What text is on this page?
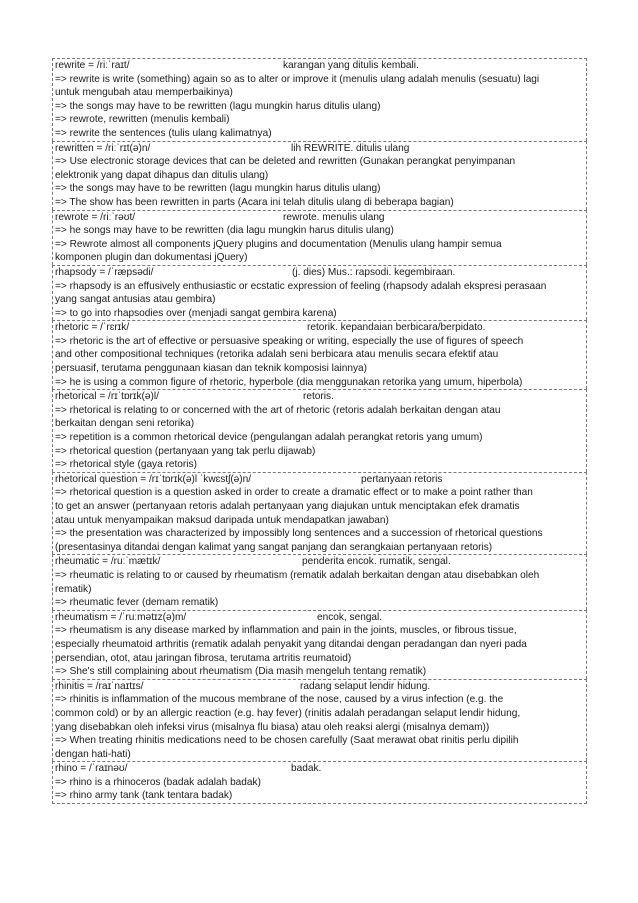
rewrite = /riːˈraɪt/	karangan yang ditulis kembali.
=> rewrite is write (something) again so as to alter or improve it (menulis ulang adalah menulis (sesuatu) lagi
untuk mengubah atau memperbaikinya)
=> the songs may have to be rewritten (lagu mungkin harus ditulis ulang)
=> rewrote, rewritten (menulis kembali)
=> rewrite the sentences (tulis ulang kalimatnya)
rewritten = /riːˈrɪt(ə)n/	lih REWRITE. ditulis ulang
=> Use electronic storage devices that can be deleted and rewritten (Gunakan perangkat penyimpanan
elektronik yang dapat dihapus dan ditulis ulang)
=> the songs may have to be rewritten (lagu mungkin harus ditulis ulang)
=> The show has been rewritten in parts (Acara ini telah ditulis ulang di beberapa bagian)
rewrote = /riːˈrəʊt/	rewrote. menulis ulang
=> he songs may have to be rewritten (dia lagu mungkin harus ditulis ulang)
=> Rewrote almost all components jQuery plugins and documentation (Menulis ulang hampir semua
komponen plugin dan dokumentasi jQuery)
rhapsody = /ˈræpsədi/	(j. dies) Mus.: rapsodi. kegembiraan.
=> rhapsody is an effusively enthusiastic or ecstatic expression of feeling (rhapsody adalah ekspresi perasaan
yang sangat antusias atau gembira)
=> to go into rhapsodies over (menjadi sangat gembira karena)
rhetoric = /ˈrɛrɪk/	retorik. kepandaian berbicara/berpidato.
=> rhetoric is the art of effective or persuasive speaking or writing, especially the use of figures of speech
and other compositional techniques (retorika adalah seni berbicara atau menulis secara efektif atau
persuasif, terutama penggunaan kiasan dan teknik komposisi lainnya)
=> he is using a common figure of rhetoric, hyperbole (dia menggunakan retorika yang umum, hiperbola)
rhetorical = /rɪˈtɒrɪk(ə)l/	retoris.
=> rhetorical is relating to or concerned with the art of rhetoric (retoris adalah berkaitan dengan atau
berkaitan dengan seni retorika)
=> repetition is a common rhetorical device (pengulangan adalah perangkat retoris yang umum)
=> rhetorical question (pertanyaan yang tak perlu dijawab)
=> rhetorical style (gaya retoris)
rhetorical question = /rɪˈtɒrɪk(ə)l ˈkwɛstʃ(ə)n/	pertanyaan retoris
=> rhetorical question is a question asked in order to create a dramatic effect or to make a point rather than
to get an answer (pertanyaan retoris adalah pertanyaan yang diajukan untuk menciptakan efek dramatis
atau untuk menyampaikan maksud daripada untuk mendapatkan jawaban)
=> the presentation was characterized by impossibly long sentences and a succession of rhetorical questions
(presentasinya ditandai dengan kalimat yang sangat panjang dan serangkaian pertanyaan retoris)
rheumatic = /ruːˈmætɪk/	penderita encok. rumatik, sengal.
=> rheumatic is relating to or caused by rheumatism (rematik adalah berkaitan dengan atau disebabkan oleh
rematik)
=> rheumatic fever (demam rematik)
rheumatism = /ˈruːmətɪz(ə)m/	encok, sengal.
=> rheumatism is any disease marked by inflammation and pain in the joints, muscles, or fibrous tissue,
especially rheumatoid arthritis (rematik adalah penyakit yang ditandai dengan peradangan dan nyeri pada
persendian, otot, atau jaringan fibrosa, terutama artritis reumatoid)
=> She's still complaining about rheumatism (Dia masih mengeluh tentang rematik)
rhinitis = /raɪˈnaɪtɪs/	radang selaput lendir hidung.
=> rhinitis is inflammation of the mucous membrane of the nose, caused by a virus infection (e.g. the
common cold) or by an allergic reaction (e.g. hay fever) (rinitis adalah peradangan selaput lendir hidung,
yang disebabkan oleh infeksi virus (misalnya flu biasa) atau oleh reaksi alergi (misalnya demam))
=> When treating rhinitis medications need to be chosen carefully (Saat merawat obat rinitis perlu dipilih
dengan hati-hati)
rhino = /ˈraɪnəʊ/	badak.
=> rhino is a rhinoceros (badak adalah badak)
=> rhino army tank (tank tentara badak)
